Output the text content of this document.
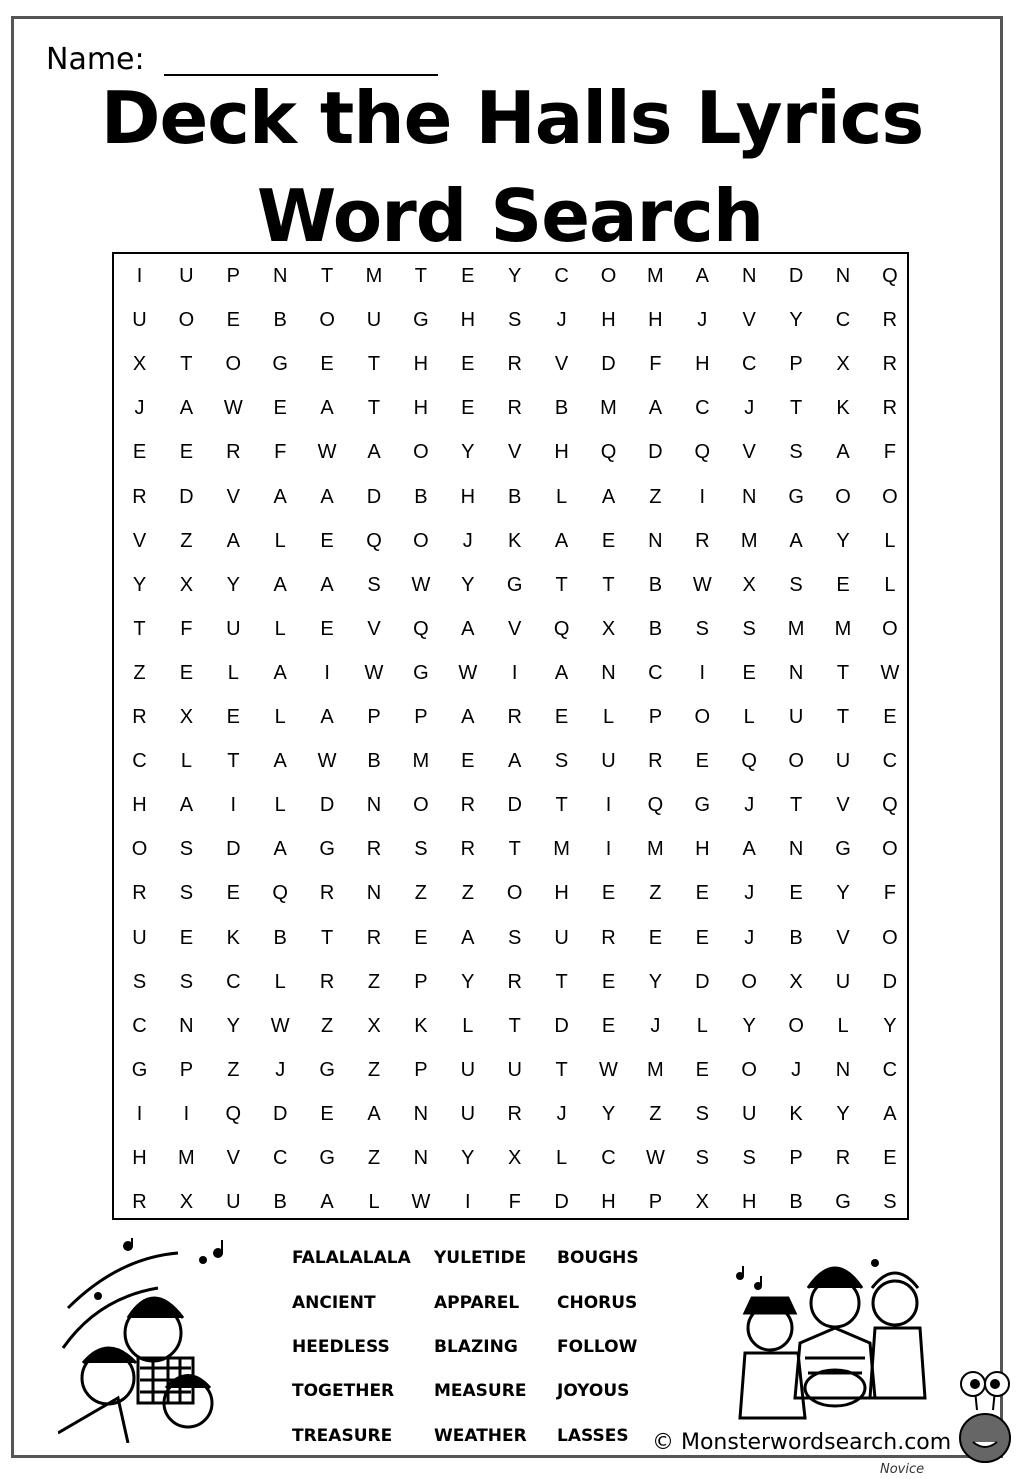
Name:
Deck the Halls Lyrics
Word Search
I	U	P	N	T	M	T	E	Y	C	O	M	A	N	D	N	Q
U	O	E	B	O	U	G	H	S	J	H	H	J	V	Y	C	R
X	T	O	G	E	T	H	E	R	V	D	F	H	C	P	X	R
J	A	W	E	A	T	H	E	R	B	M	A	C	J	T	K	R
E	E	R	F	W	A	O	Y	V	H	Q	D	Q	V	S	A	F
R	D	V	A	A	D	B	H	B	L	A	Z	I	N	G	O	O
V	Z	A	L	E	Q	O	J	K	A	E	N	R	M	A	Y	L
Y	X	Y	A	A	S	W	Y	G	T	T	B	W	X	S	E	L
T	F	U	L	E	V	Q	A	V	Q	X	B	S	S	M	M	O
Z	E	L	A	I	W	G	W	I	A	N	C	I	E	N	T	W
R	X	E	L	A	P	P	A	R	E	L	P	O	L	U	T	E
C	L	T	A	W	B	M	E	A	S	U	R	E	Q	O	U	C
H	A	I	L	D	N	O	R	D	T	I	Q	G	J	T	V	Q
O	S	D	A	G	R	S	R	T	M	I	M	H	A	N	G	O
R	S	E	Q	R	N	Z	Z	O	H	E	Z	E	J	E	Y	F
U	E	K	B	T	R	E	A	S	U	R	E	E	J	B	V	O
S	S	C	L	R	Z	P	Y	R	T	E	Y	D	O	X	U	D
C	N	Y	W	Z	X	K	L	T	D	E	J	L	Y	O	L	Y
G	P	Z	J	G	Z	P	U	U	T	W	M	E	O	J	N	C
I	I	Q	D	E	A	N	U	R	J	Y	Z	S	U	K	Y	A
H	M	V	C	G	Z	N	Y	X	L	C	W	S	S	P	R	E
R	X	U	B	A	L	W	I	F	D	H	P	X	H	B	G	S
FALALALALA YULETIDE BOUGHS
ANCIENT	APPAREL CHORUS
HEEDLESS	BLAZING FOLLOW
TOGETHER MEASURE JOYOUS
TREASURE WEATHER LASSES © Monsterwordsearch.com
Novice
